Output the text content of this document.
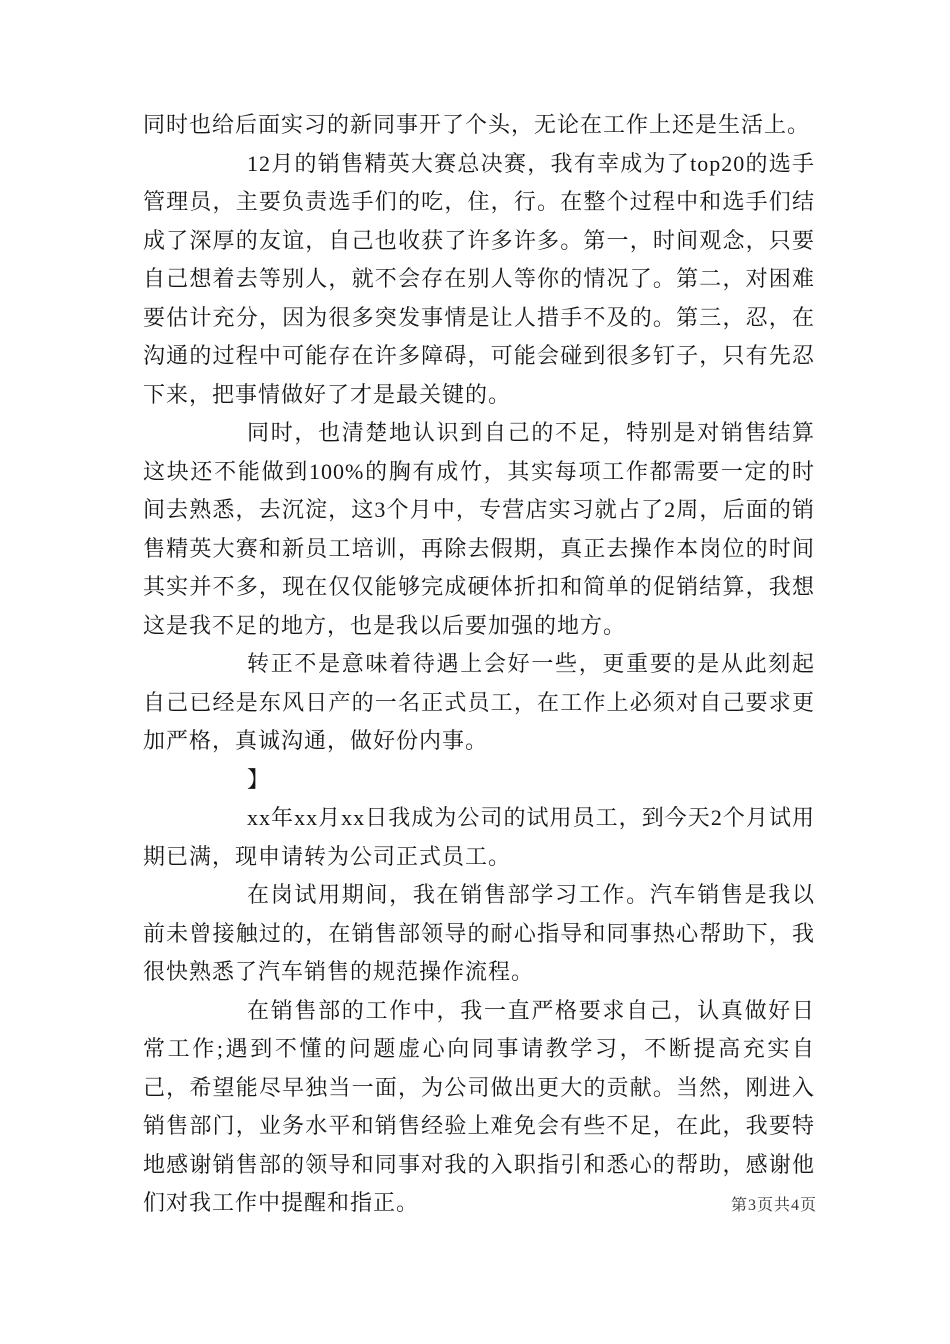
同时也给后面实习的新同事开了个头，无论在工作上还是生活上。

12月的销售精英大赛总决赛，我有幸成为了top20的选手管理员，主要负责选手们的吃，住，行。在整个过程中和选手们结成了深厚的友谊，自己也收获了许多许多。第一，时间观念，只要自己想着去等别人，就不会存在别人等你的情况了。第二，对困难要估计充分，因为很多突发事情是让人措手不及的。第三，忍，在沟通的过程中可能存在许多障碍，可能会碰到很多钉子，只有先忍下来，把事情做好了才是最关键的。

同时，也清楚地认识到自己的不足，特别是对销售结算这块还不能做到100%的胸有成竹，其实每项工作都需要一定的时间去熟悉，去沉淀，这3个月中，专营店实习就占了2周，后面的销售精英大赛和新员工培训，再除去假期，真正去操作本岗位的时间其实并不多，现在仅仅能够完成硬体折扣和简单的促销结算，我想这是我不足的地方，也是我以后要加强的地方。

转正不是意味着待遇上会好一些，更重要的是从此刻起自己已经是东风日产的一名正式员工，在工作上必须对自己要求更加严格，真诚沟通，做好份内事。

】

xx年xx月xx日我成为公司的试用员工，到今天2个月试用期已满，现申请转为公司正式员工。

在岗试用期间，我在销售部学习工作。汽车销售是我以前未曾接触过的，在销售部领导的耐心指导和同事热心帮助下，我很快熟悉了汽车销售的规范操作流程。

在销售部的工作中，我一直严格要求自己，认真做好日常工作;遇到不懂的问题虚心向同事请教学习，不断提高充实自己，希望能尽早独当一面，为公司做出更大的贡献。当然，刚进入销售部门，业务水平和销售经验上难免会有些不足，在此，我要特地感谢销售部的领导和同事对我的入职指引和悉心的帮助，感谢他们对我工作中提醒和指正。	第3页共4页
